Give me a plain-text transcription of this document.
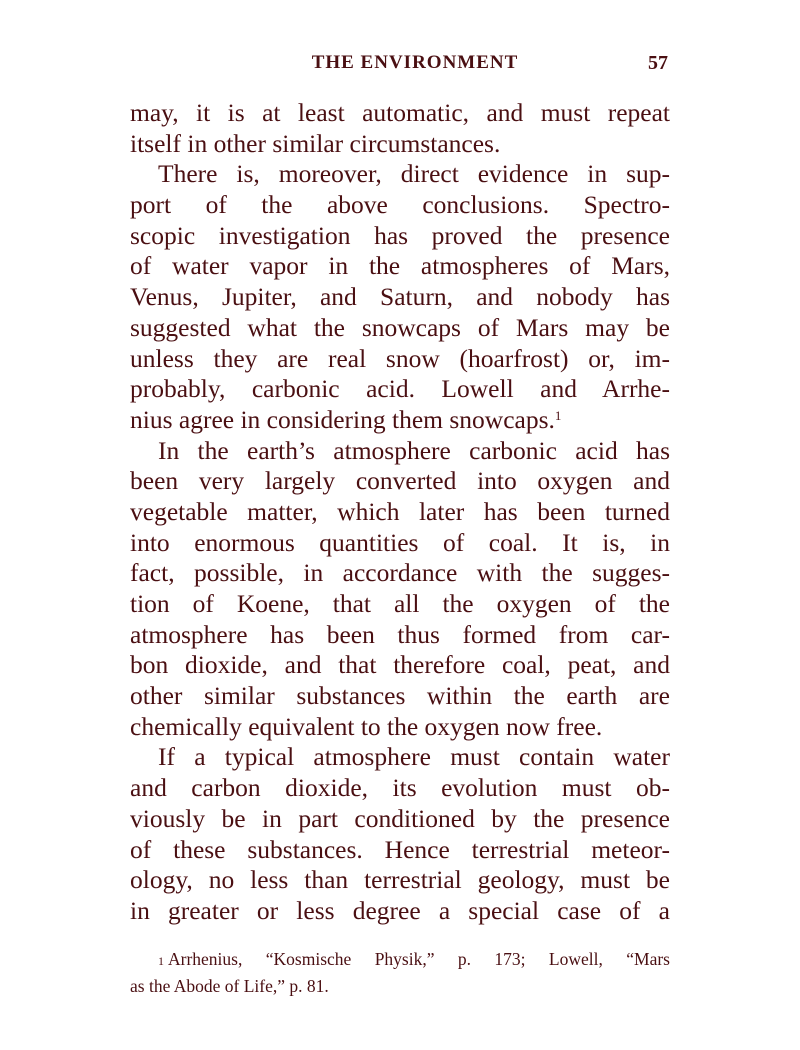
THE ENVIRONMENT	57
may, it is at least automatic, and must repeat
itself in other similar circumstances.
There is, moreover, direct evidence in sup-
port of the above conclusions. Spectro-
scopic investigation has proved the presence
of water vapor in the atmospheres of Mars,
Venus, Jupiter, and Saturn, and nobody has
suggested what the snowcaps of Mars may be
unless they are real snow (hoarfrost) or, im-
probably, carbonic acid. Lowell and Arrhe-
nius agree in considering them snowcaps.$^1$
In the earth’s atmosphere carbonic acid has
been very largely converted into oxygen and
vegetable matter, which later has been turned
into enormous quantities of coal. It is, in
fact, possible, in accordance with the sugges-
tion of Koene, that all the oxygen of the
atmosphere has been thus formed from car-
bon dioxide, and that therefore coal, peat, and
other similar substances within the earth are
chemically equivalent to the oxygen now free.
If a typical atmosphere must contain water
and carbon dioxide, its evolution must ob-
viously be in part conditioned by the presence
of these substances. Hence terrestrial meteor-
ology, no less than terrestrial geology, must be
in greater or less degree a special case of a
$^1$ Arrhenius, “Kosmische Physik,” p. 173; Lowell, “Mars
as the Abode of Life,” p. 81.
